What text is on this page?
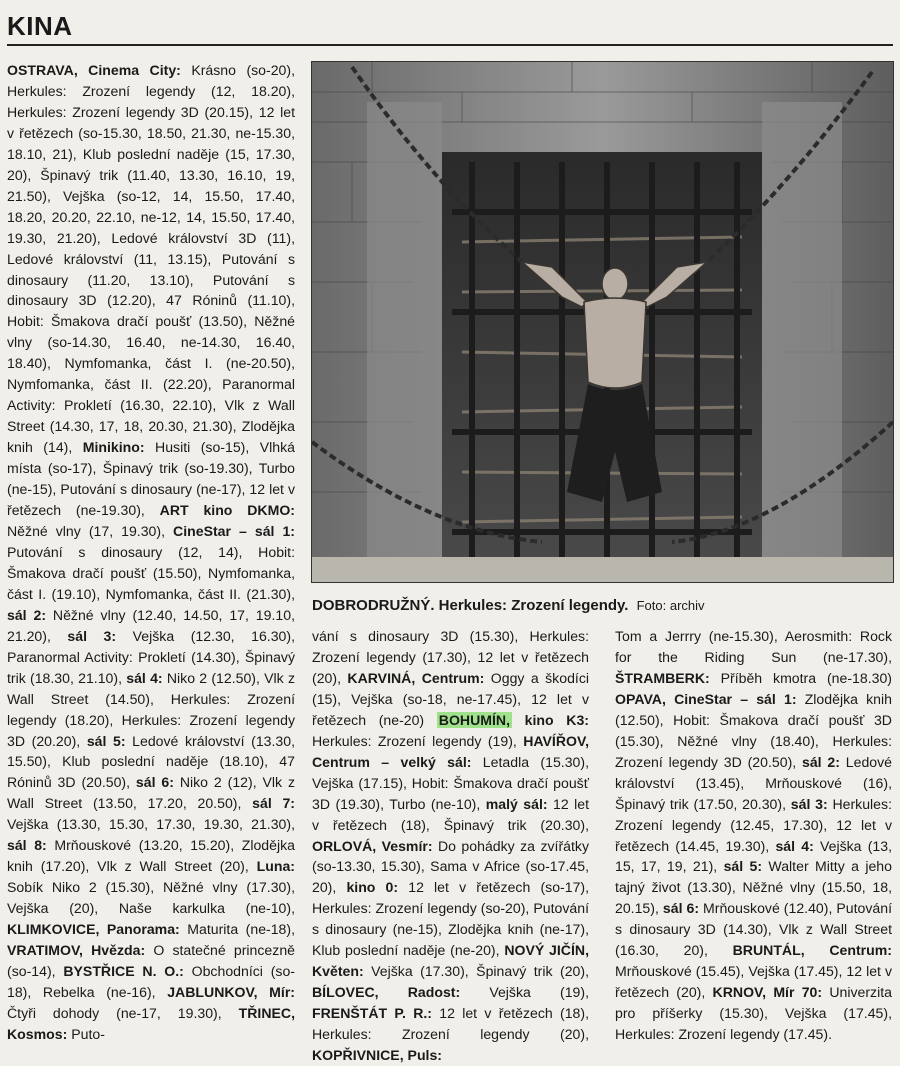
KINA
OSTRAVA, Cinema City: Krásno (so-20), Herkules: Zrození legendy (12, 18.20), Herkules: Zrození legendy 3D (20.15), 12 let v řetězech (so-15.30, 18.50, 21.30, ne-15.30, 18.10, 21), Klub poslední naděje (15, 17.30, 20), Špinavý trik (11.40, 13.30, 16.10, 19, 21.50), Vejška (so-12, 14, 15.50, 17.40, 18.20, 20.20, 22.10, ne-12, 14, 15.50, 17.40, 19.30, 21.20), Ledové království 3D (11), Ledové království (11, 13.15), Putování s dinosaury (11.20, 13.10), Putování s dinosaury 3D (12.20), 47 Róninů (11.10), Hobit: Šmakova dračí poušť (13.50), Něžné vlny (so-14.30, 16.40, ne-14.30, 16.40, 18.40), Nymfomanka, část I. (ne-20.50), Nymfomanka, část II. (22.20), Paranormal Activity: Prokletí (16.30, 22.10), Vlk z Wall Street (14.30, 17, 18, 20.30, 21.30), Zlodějka knih (14), Minikino: Husiti (so-15), Vlhká místa (so-17), Špinavý trik (so-19.30), Turbo (ne-15), Putování s dinosaury (ne-17), 12 let v řetězech (ne-19.30), ART kino DKMO: Něžné vlny (17, 19.30), CineStar – sál 1: Putování s dinosaury (12, 14), Hobit: Šmakova dračí poušť (15.50), Nymfomanka, část I. (19.10), Nymfomanka, část II. (21.30), sál 2: Něžné vlny (12.40, 14.50, 17, 19.10, 21.20), sál 3: Vejška (12.30, 16.30), Paranormal Activity: Prokletí (14.30), Špinavý trik (18.30, 21.10), sál 4: Niko 2 (12.50), Vlk z Wall Street (14.50), Herkules: Zrození legendy (18.20), Herkules: Zrození legendy 3D (20.20), sál 5: Ledové království (13.30, 15.50), Klub poslední naděje (18.10), 47 Róninů 3D (20.50), sál 6: Niko 2 (12), Vlk z Wall Street (13.50, 17.20, 20.50), sál 7: Vejška (13.30, 15.30, 17.30, 19.30, 21.30), sál 8: Mrňouskové (13.20, 15.20), Zlodějka knih (17.20), Vlk z Wall Street (20), Luna: Sobík Niko 2 (15.30), Něžné vlny (17.30), Vejška (20), Naše karkulka (ne-10), KLIMKOVICE, Panorama: Maturita (ne-18), VRATIMOV, Hvězda: O statečné princezně (so-14), BYSTŘICE N. O.: Obchodníci (so-18), Rebelka (ne-16), JABLUNKOV, Mír: Čtyři dohody (ne-17, 19.30), TŘINEC, Kosmos: Puto-
DOBRODRUŽNÝ. Herkules: Zrození legendy. Foto: archiv
vání s dinosaury 3D (15.30), Herkules: Zrození legendy (17.30), 12 let v řetězech (20), KARVINÁ, Centrum: Oggy a škodíci (15), Vejška (so-18, ne-17.45), 12 let v řetězech (ne-20) BOHUMÍN, kino K3: Herkules: Zrození legendy (19), HAVÍŘOV, Centrum – velký sál: Letadla (15.30), Vejška (17.15), Hobit: Šmakova dračí poušť 3D (19.30), Turbo (ne-10), malý sál: 12 let v řetězech (18), Špinavý trik (20.30), ORLOVÁ, Vesmír: Do pohádky za zvířátky (so-13.30, 15.30), Sama v Africe (so-17.45, 20), kino 0: 12 let v řetězech (so-17), Herkules: Zrození legendy (so-20), Putování s dinosaury (ne-15), Zlodějka knih (ne-17), Klub poslední naděje (ne-20), NOVÝ JIČÍN, Květen: Vejška (17.30), Špinavý trik (20), BÍLOVEC, Radost: Vejška (19), FRENŠTÁT P. R.: 12 let v řetězech (18), Herkules: Zrození legendy (20), KOPŘIVNICE, Puls:
Tom a Jerrry (ne-15.30), Aerosmith: Rock for the Riding Sun (ne-17.30), ŠTRAMBERK: Příběh kmotra (ne-18.30) OPAVA, CineStar – sál 1: Zlodějka knih (12.50), Hobit: Šmakova dračí poušť 3D (15.30), Něžné vlny (18.40), Herkules: Zrození legendy 3D (20.50), sál 2: Ledové království (13.45), Mrňouskové (16), Špinavý trik (17.50, 20.30), sál 3: Herkules: Zrození legendy (12.45, 17.30), 12 let v řetězech (14.45, 19.30), sál 4: Vejška (13, 15, 17, 19, 21), sál 5: Walter Mitty a jeho tajný život (13.30), Něžné vlny (15.50, 18, 20.15), sál 6: Mrňouskové (12.40), Putování s dinosaury 3D (14.30), Vlk z Wall Street (16.30, 20), BRUNTÁL, Centrum: Mrňouskové (15.45), Vejška (17.45), 12 let v řetězech (20), KRNOV, Mír 70: Univerzita pro příšerky (15.30), Vejška (17.45), Herkules: Zrození legendy (17.45).
